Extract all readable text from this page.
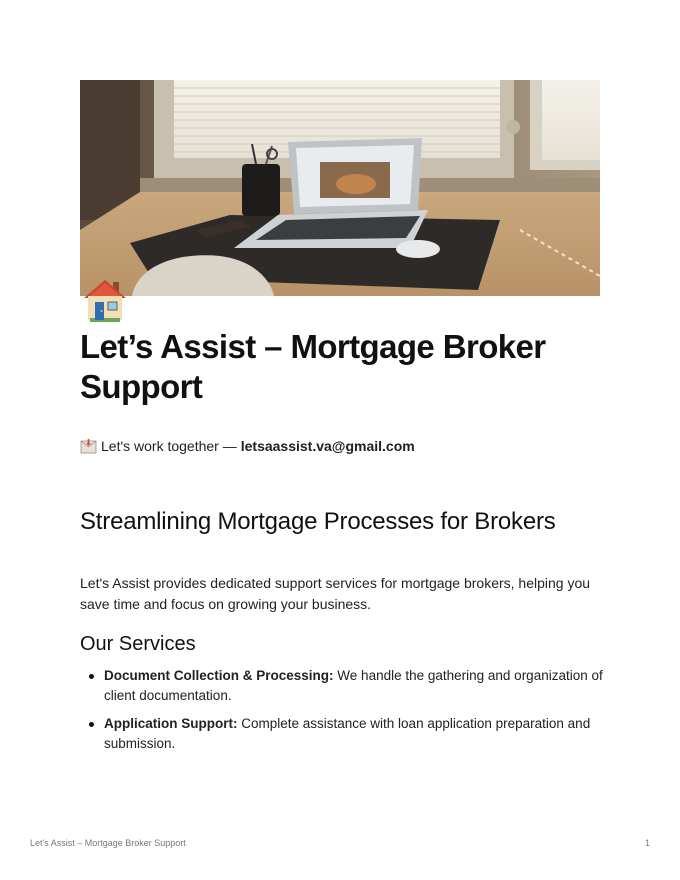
Let’s Assist – Mortgage Broker Support
Let's work together — letsaassist.va@gmail.com
Streamlining Mortgage Processes for Brokers

Let's Assist provides dedicated support services for mortgage brokers, helping you save time and focus on growing your business.

Our Services
Document Collection & Processing: We handle the gathering and organization of client documentation.
Application Support: Complete assistance with loan application preparation and submission.
Let's Assist – Mortgage Broker Support	1
